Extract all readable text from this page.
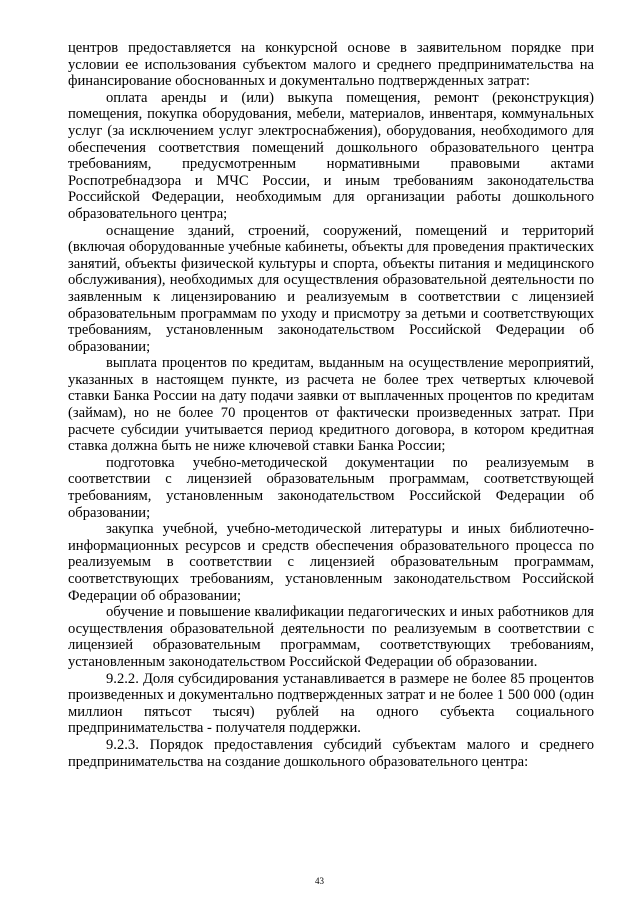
центров предоставляется на конкурсной основе в заявительном порядке при условии ее использования субъектом малого и среднего предпринимательства на финансирование обоснованных и документально подтвержденных затрат:

оплата аренды и (или) выкупа помещения, ремонт (реконструкция) помещения, покупка оборудования, мебели, материалов, инвентаря, коммунальных услуг (за исключением услуг электроснабжения), оборудования, необходимого для обеспечения соответствия помещений дошкольного образовательного центра требованиям, предусмотренным нормативными правовыми актами Роспотребнадзора и МЧС России, и иным требованиям законодательства Российской Федерации, необходимым для организации работы дошкольного образовательного центра;

оснащение зданий, строений, сооружений, помещений и территорий (включая оборудованные учебные кабинеты, объекты для проведения практических занятий, объекты физической культуры и спорта, объекты питания и медицинского обслуживания), необходимых для осуществления образовательной деятельности по заявленным к лицензированию и реализуемым в соответствии с лицензией образовательным программам по уходу и присмотру за детьми и соответствующих требованиям, установленным законодательством Российской Федерации об образовании;

выплата процентов по кредитам, выданным на осуществление мероприятий, указанных в настоящем пункте, из расчета не более трех четвертых ключевой ставки Банка России на дату подачи заявки от выплаченных процентов по кредитам (займам), но не более 70 процентов от фактически произведенных затрат. При расчете субсидии учитывается период кредитного договора, в котором кредитная ставка должна быть не ниже ключевой ставки Банка России;

подготовка учебно-методической документации по реализуемым в соответствии с лицензией образовательным программам, соответствующей требованиям, установленным законодательством Российской Федерации об образовании;

закупка учебной, учебно-методической литературы и иных библиотечно-информационных ресурсов и средств обеспечения образовательного процесса по реализуемым в соответствии с лицензией образовательным программам, соответствующих требованиям, установленным законодательством Российской Федерации об образовании;

обучение и повышение квалификации педагогических и иных работников для осуществления образовательной деятельности по реализуемым в соответствии с лицензией образовательным программам, соответствующих требованиям, установленным законодательством Российской Федерации об образовании.

9.2.2. Доля субсидирования устанавливается в размере не более 85 процентов произведенных и документально подтвержденных затрат и не более 1 500 000 (один миллион пятьсот тысяч) рублей на одного субъекта социального предпринимательства - получателя поддержки.

9.2.3. Порядок предоставления субсидий субъектам малого и среднего предпринимательства на создание дошкольного образовательного центра:

43
